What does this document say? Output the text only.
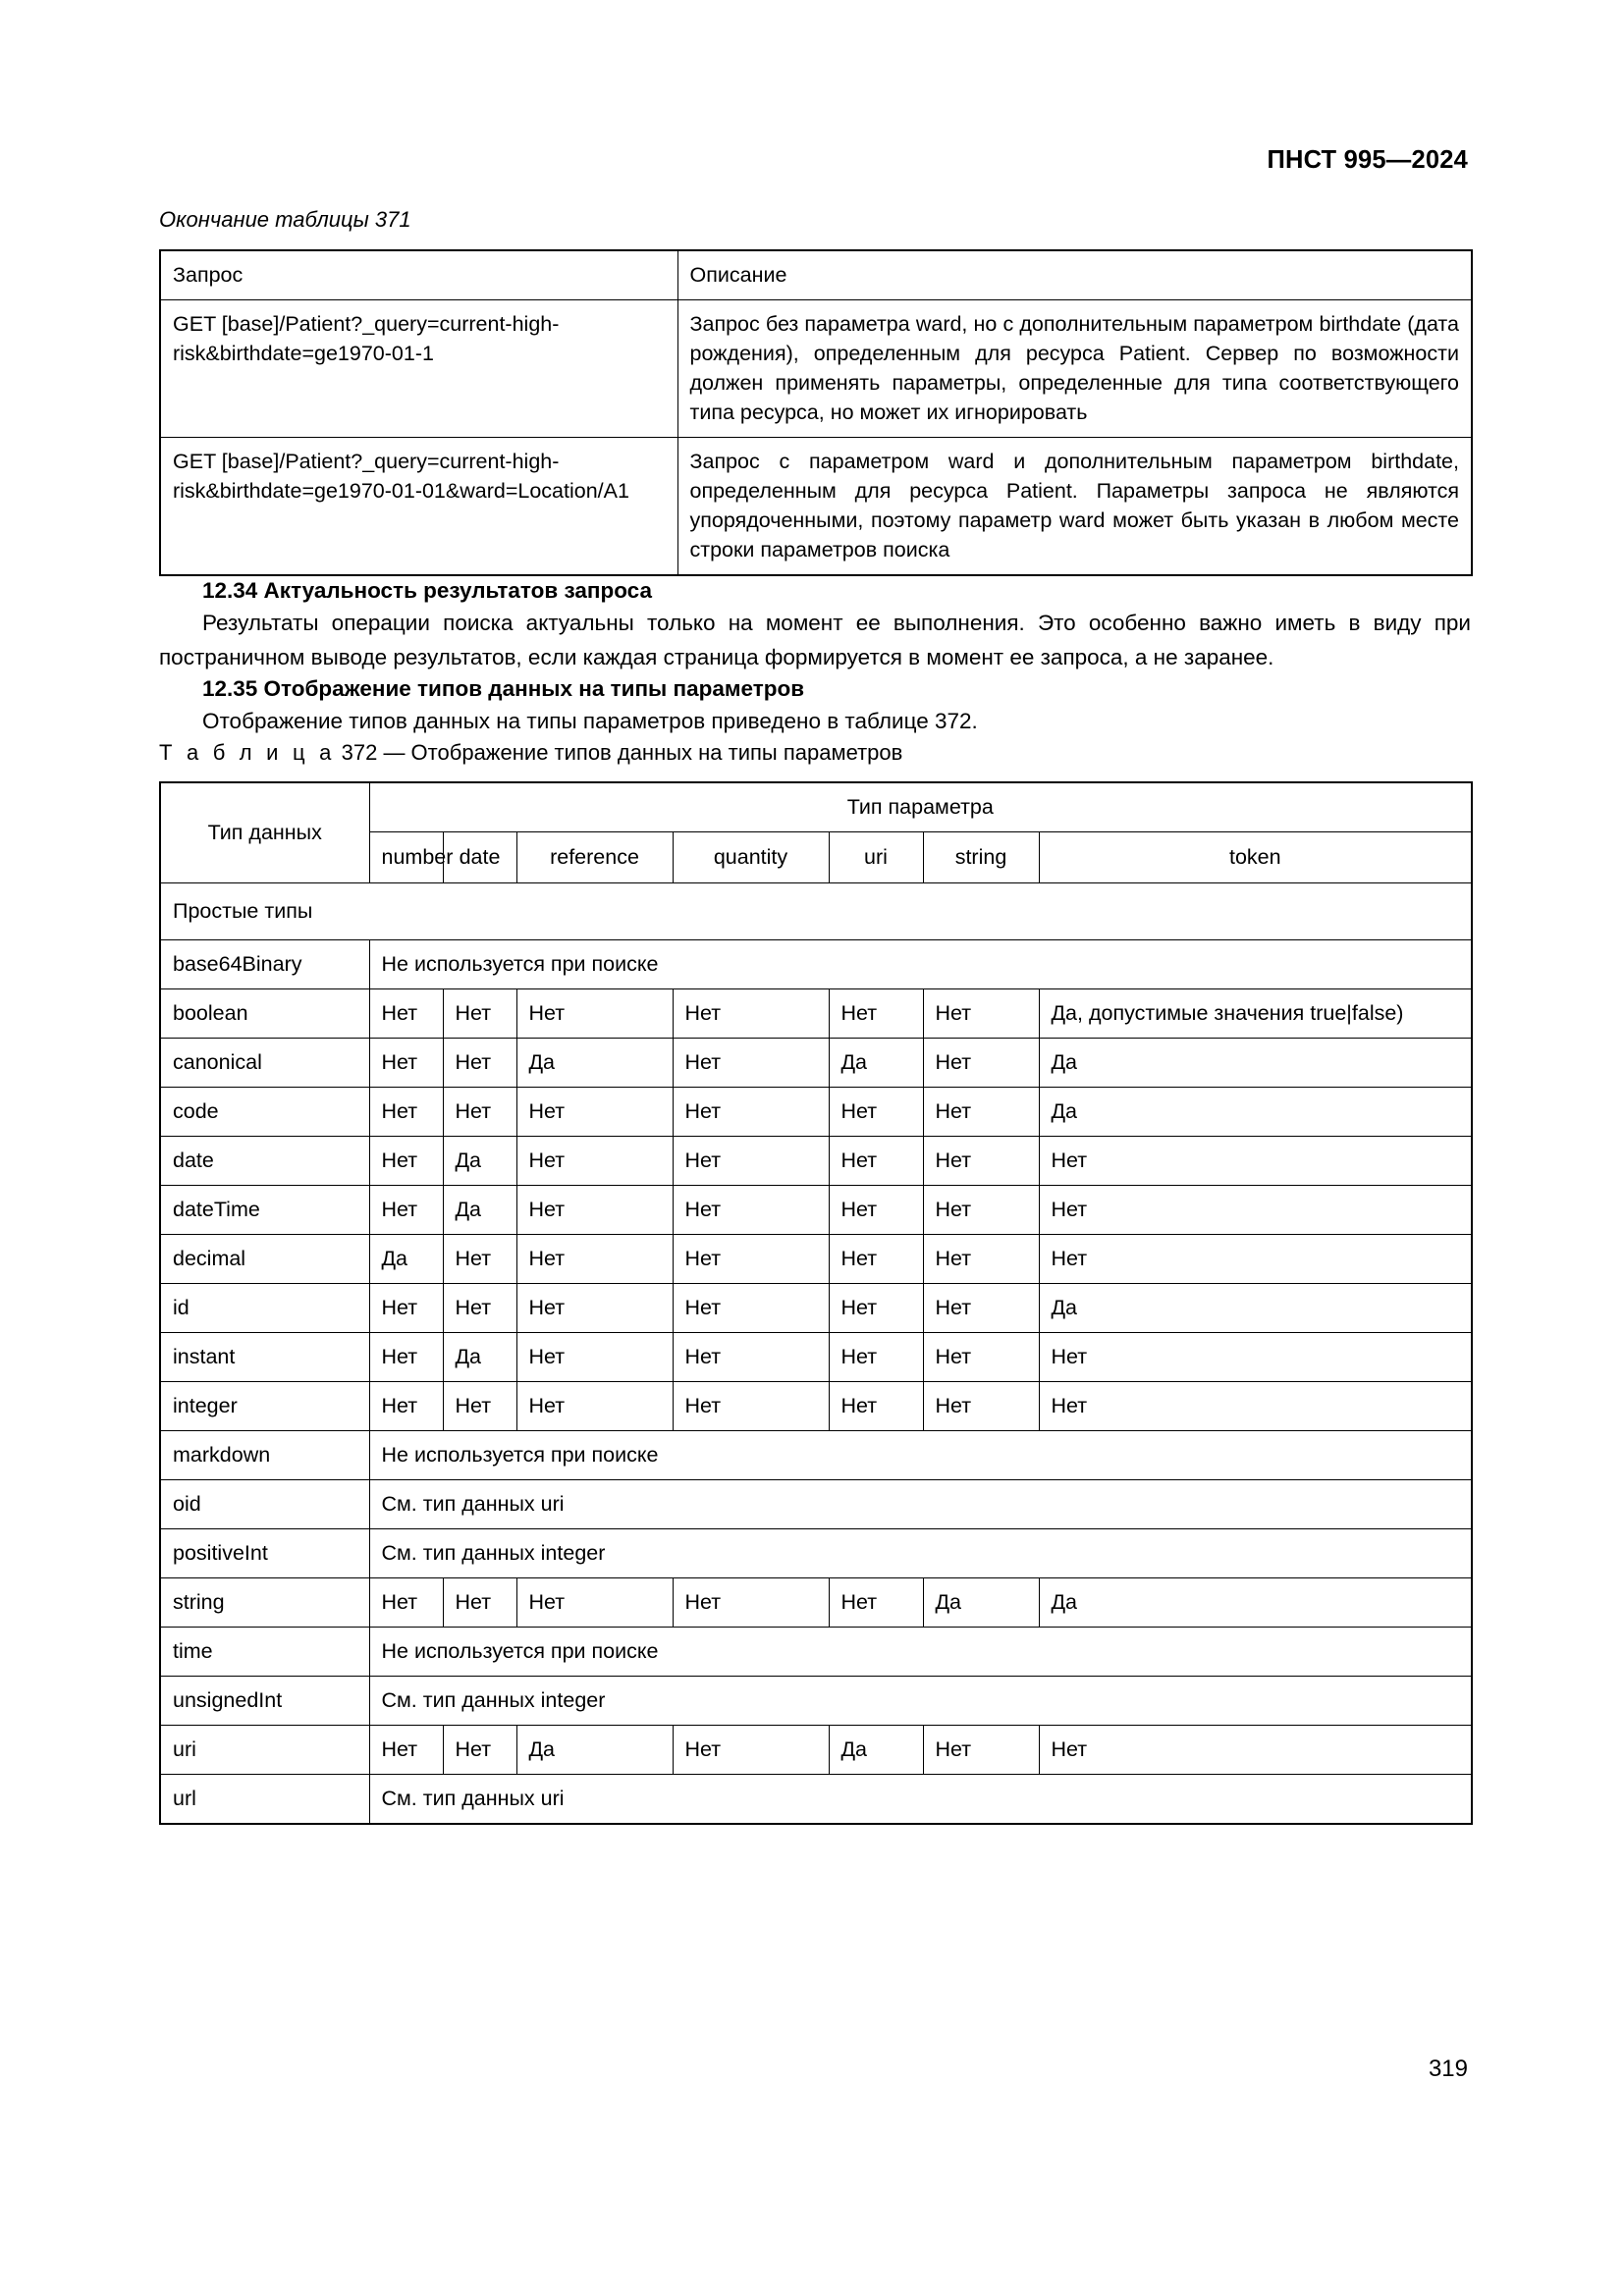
ПНСТ 995—2024

Окончание таблицы 371

Запрос	Описание
GET [base]/Patient?_query=current-high-risk&birthdate=ge1970-01-1	Запрос без параметра ward, но с дополнительным параметром birthdate (дата рождения), определенным для ресурса Patient. Сервер по возможности должен применять параметры, определенные для типа соответствующего типа ресурса, но может их игнорировать
GET [base]/Patient?_query=current-high-risk&birthdate=ge1970-01-01&ward=Location/A1	Запрос с параметром ward и дополнительным параметром birthdate, определенным для ресурса Patient. Параметры запроса не являются упорядоченными, поэтому параметр ward может быть указан в любом месте строки параметров поиска
12.34 Актуальность результатов запроса

Результаты операции поиска актуальны только на момент ее выполнения. Это особенно важно иметь в виду при постраничном выводе результатов, если каждая страница формируется в момент ее запроса, а не заранее.

12.35 Отображение типов данных на типы параметров

Отображение типов данных на типы параметров приведено в таблице 372.

Т а б л и ц а 372 — Отображение типов данных на типы параметров

Тип данных	Тип параметра						
	number	date	reference	quantity	uri	string	token
Простые типы							
base64Binary	Не используется при поиске						
boolean	Нет	Нет	Нет	Нет	Нет	Нет	Да, допустимые значения true|false)
canonical	Нет	Нет	Да	Нет	Да	Нет	Да
code	Нет	Нет	Нет	Нет	Нет	Нет	Да
date	Нет	Да	Нет	Нет	Нет	Нет	Нет
dateTime	Нет	Да	Нет	Нет	Нет	Нет	Нет
decimal	Да	Нет	Нет	Нет	Нет	Нет	Нет
id	Нет	Нет	Нет	Нет	Нет	Нет	Да
instant	Нет	Да	Нет	Нет	Нет	Нет	Нет
integer	Нет	Нет	Нет	Нет	Нет	Нет	Нет
markdown	Не используется при поиске						
oid	См. тип данных uri						
positiveInt	См. тип данных integer						
string	Нет	Нет	Нет	Нет	Нет	Да	Да
time	Не используется при поиске						
unsignedInt	См. тип данных integer						
uri	Нет	Нет	Да	Нет	Да	Нет	Нет
url	См. тип данных uri						
319
